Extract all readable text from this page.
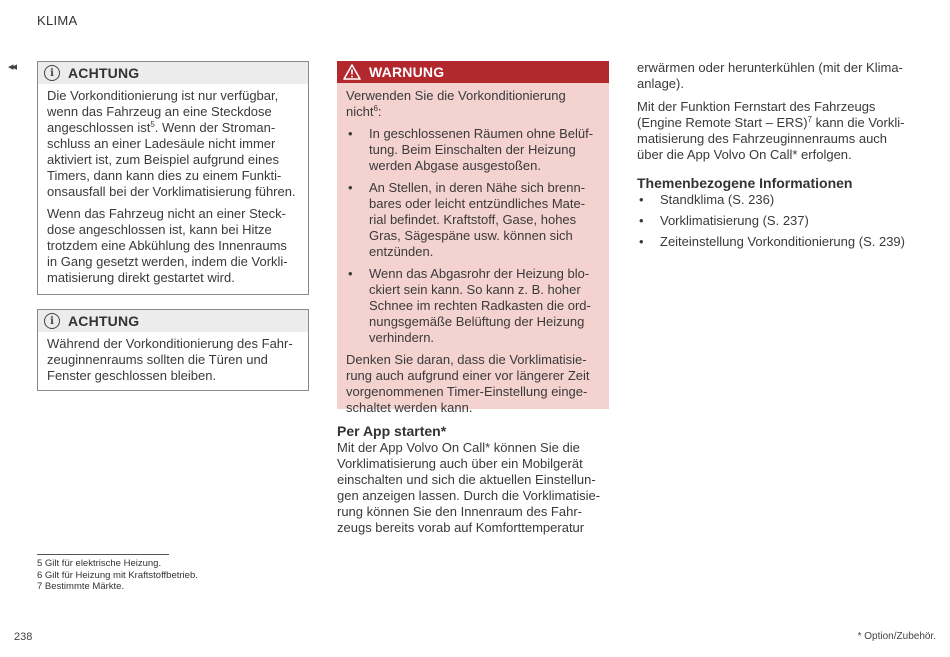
KLIMA
◂◂	i	ACHTUNG

Die Vorkonditionierung ist nur verfügbar, wenn das Fahrzeug an eine Steckdose angeschlossen ist$^5$. Wenn der Stroman-schluss an einer Ladesäule nicht immer aktiviert ist, zum Beispiel aufgrund eines Timers, dann kann dies zu einem Funkti-onsausfall bei der Vorklimatisierung führen.

Wenn das Fahrzeug nicht an einer Steck-dose angeschlossen ist, kann bei Hitze trotzdem eine Abkühlung des Innenraums in Gang gesetzt werden, indem die Vorkli-matisierung direkt gestartet wird.

i	ACHTUNG

Während der Vorkonditionierung des Fahr-zeuginnenraums sollten die Türen und Fenster geschlossen bleiben.

WARNUNG

Verwenden Sie die Vorkonditionierung nicht$^6$:

• In geschlossenen Räumen ohne Belüf-tung. Beim Einschalten der Heizung werden Abgase ausgestoßen.
• An Stellen, in deren Nähe sich brenn-bares oder leicht entzündliches Mate-rial befindet. Kraftstoff, Gase, hohes Gras, Sägespäne usw. können sich entzünden.
• Wenn das Abgasrohr der Heizung blo-ckiert sein kann. So kann z. B. hoher Schnee im rechten Radkasten die ord-nungsgemäße Belüftung der Heizung verhindern.

Denken Sie daran, dass die Vorklimatisie-rung auch aufgrund einer vor längerer Zeit vorgenommenen Timer-Einstellung einge-schaltet werden kann.

Per App starten*
Mit der App Volvo On Call* können Sie die Vorklimatisierung auch über ein Mobilgerät einschalten und sich die aktuellen Einstellun-gen anzeigen lassen. Durch die Vorklimatisie-rung können Sie den Innenraum des Fahr-zeugs bereits vorab auf Komforttemperatur

erwärmen oder herunterkühlen (mit der Klima-anlage).

Mit der Funktion Fernstart des Fahrzeugs (Engine Remote Start – ERS)$^7$ kann die Vorkli-matisierung des Fahrzeuginnenraums auch über die App Volvo On Call* erfolgen.

Themenbezogene Informationen
• Standklima (S. 236)
• Vorklimatisierung (S. 237)
• Zeiteinstellung Vorkonditionierung (S. 239)
5 Gilt für elektrische Heizung.
6 Gilt für Heizung mit Kraftstoffbetrieb.
7 Bestimmte Märkte.
238	* Option/Zubehör.
